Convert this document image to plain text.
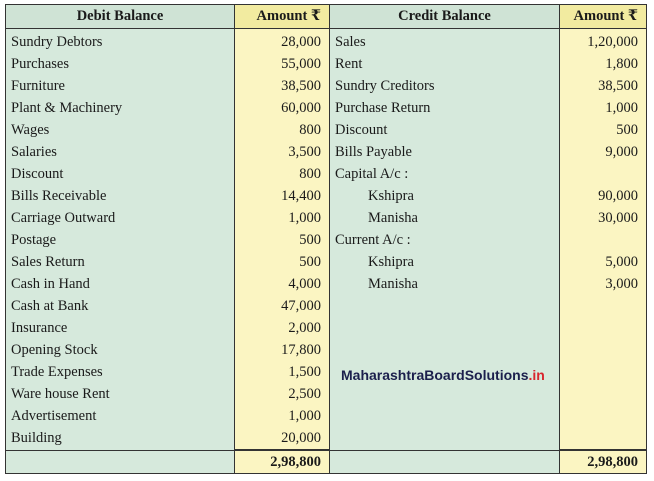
Debit Balance	Amount ₹	Credit Balance	Amount ₹
Sundry Debtors	28,000	Sales	1,20,000
Purchases	55,000	Rent	1,800
Furniture	38,500	Sundry Creditors	38,500
Plant & Machinery	60,000	Purchase Return	1,000
Wages	800	Discount	500
Salaries	3,500	Bills Payable	9,000
Discount	800	Capital A/c :	
Bills Receivable	14,400	Kshipra	90,000
Carriage Outward	1,000	Manisha	30,000
Postage	500	Current A/c :	
Sales Return	500	Kshipra	5,000
Cash in Hand	4,000	Manisha	3,000
Cash at Bank	47,000		
Insurance	2,000		
Opening Stock	17,800		
Trade Expenses	1,500		
Ware house Rent	2,500		
Advertisement	1,000		
Building	20,000		
	2,98,800		2,98,800
MaharashtraBoardSolutions.in
